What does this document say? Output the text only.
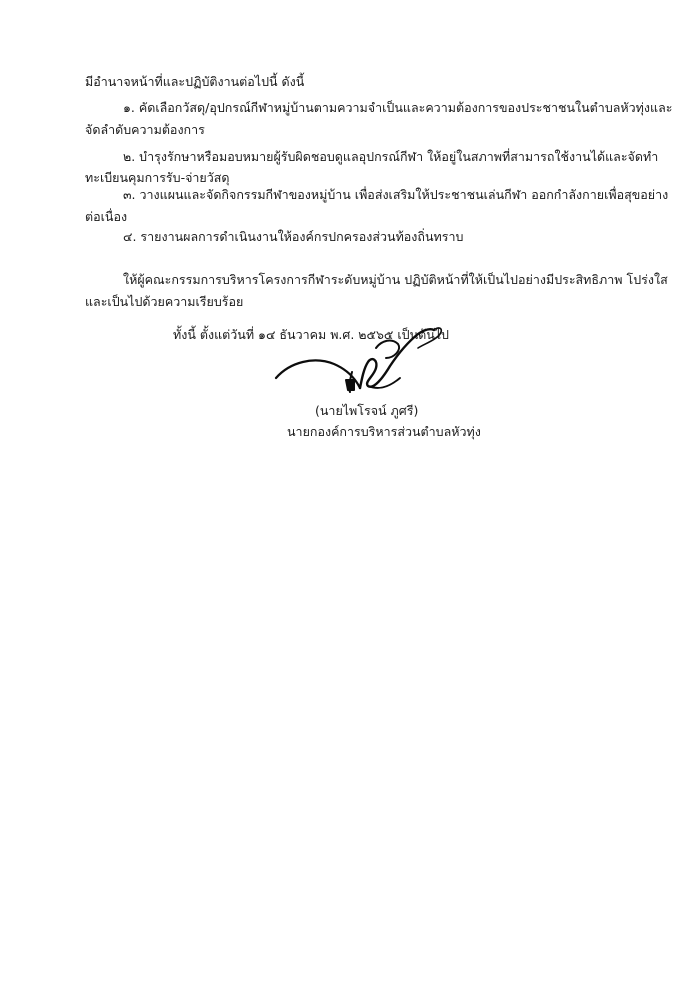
มีอำนาจหน้าที่และปฏิบัติงานต่อไปนี้ ดังนี้
๑. คัดเลือกวัสดุ/อุปกรณ์กีฬาหมู่บ้านตามความจำเป็นและความต้องการของประชาชนในตำบลหัวทุ่งและ
จัดลำดับความต้องการ
๒. บำรุงรักษาหรือมอบหมายผู้รับผิดชอบดูแลอุปกรณ์กีฬา ให้อยู่ในสภาพที่สามารถใช้งานได้และจัดทำ
ทะเบียนคุมการรับ-จ่ายวัสดุ
๓. วางแผนและจัดกิจกรรมกีฬาของหมู่บ้าน เพื่อส่งเสริมให้ประชาชนเล่นกีฬา ออกกำลังกายเพื่อสุขอย่าง
ต่อเนื่อง
๔. รายงานผลการดำเนินงานให้องค์กรปกครองส่วนท้องถิ่นทราบ
ให้ผู้คณะกรรมการบริหารโครงการกีฬาระดับหมู่บ้าน ปฏิบัติหน้าที่ให้เป็นไปอย่างมีประสิทธิภาพ โปร่งใส
และเป็นไปด้วยความเรียบร้อย
ทั้งนี้ ตั้งแต่วันที่ ๑๔ ธันวาคม พ.ศ. ๒๕๖๕ เป็นต้นไป
(นายไพโรจน์ ภูศรี)
นายกองค์การบริหารส่วนตำบลหัวทุ่ง
